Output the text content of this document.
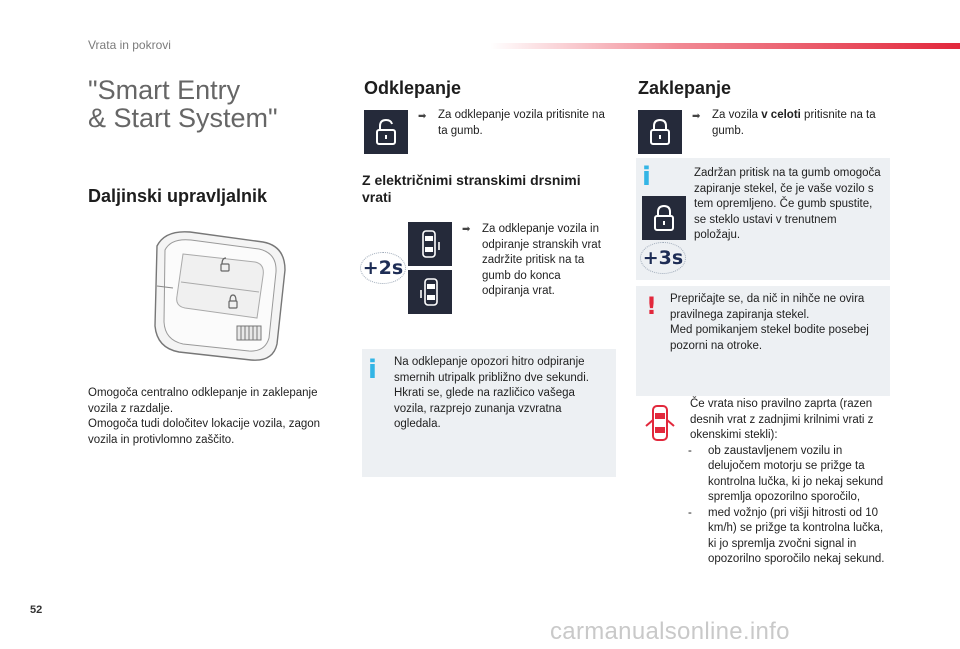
Vrata in pokrovi
"Smart Entry
& Start System"
Daljinski upravljalnik
Omogoča centralno odklepanje in zaklepanje vozila z razdalje.
Omogoča tudi določitev lokacije vozila, zagon vozila in protivlomno zaščito.
Odklepanje
➡ Za odklepanje vozila pritisnite na ta gumb.
Z električnimi stranskimi drsnimi vrati
+2s
➡ Za odklepanje vozila in odpiranje stranskih vrat zadržite pritisk na ta gumb do konca odpiranja vrat.
i Na odklepanje opozori hitro odpiranje smernih utripalk približno dve sekundi. Hkrati se, glede na različico vašega vozila, razprejo zunanja vzvratna ogledala.
Zaklepanje
➡ Za vozila v celoti pritisnite na ta gumb.
i
+3s
Zadržan pritisk na ta gumb omogoča zapiranje stekel, če je vaše vozilo s tem opremljeno. Če gumb spustite, se steklo ustavi v trenutnem položaju.
! Prepričajte se, da nič in nihče ne ovira pravilnega zapiranja stekel.
Med pomikanjem stekel bodite posebej pozorni na otroke.
Če vrata niso pravilno zaprta (razen desnih vrat z zadnjimi krilnimi vrati z okenskimi stekli):
- ob zaustavljenem vozilu in delujočem motorju se prižge ta kontrolna lučka, ki jo nekaj sekund spremlja opozorilno sporočilo,
- med vožnjo (pri višji hitrosti od 10 km/h) se prižge ta kontrolna lučka, ki jo spremlja zvočni signal in opozorilno sporočilo nekaj sekund.
52
carmanualsonline.info
